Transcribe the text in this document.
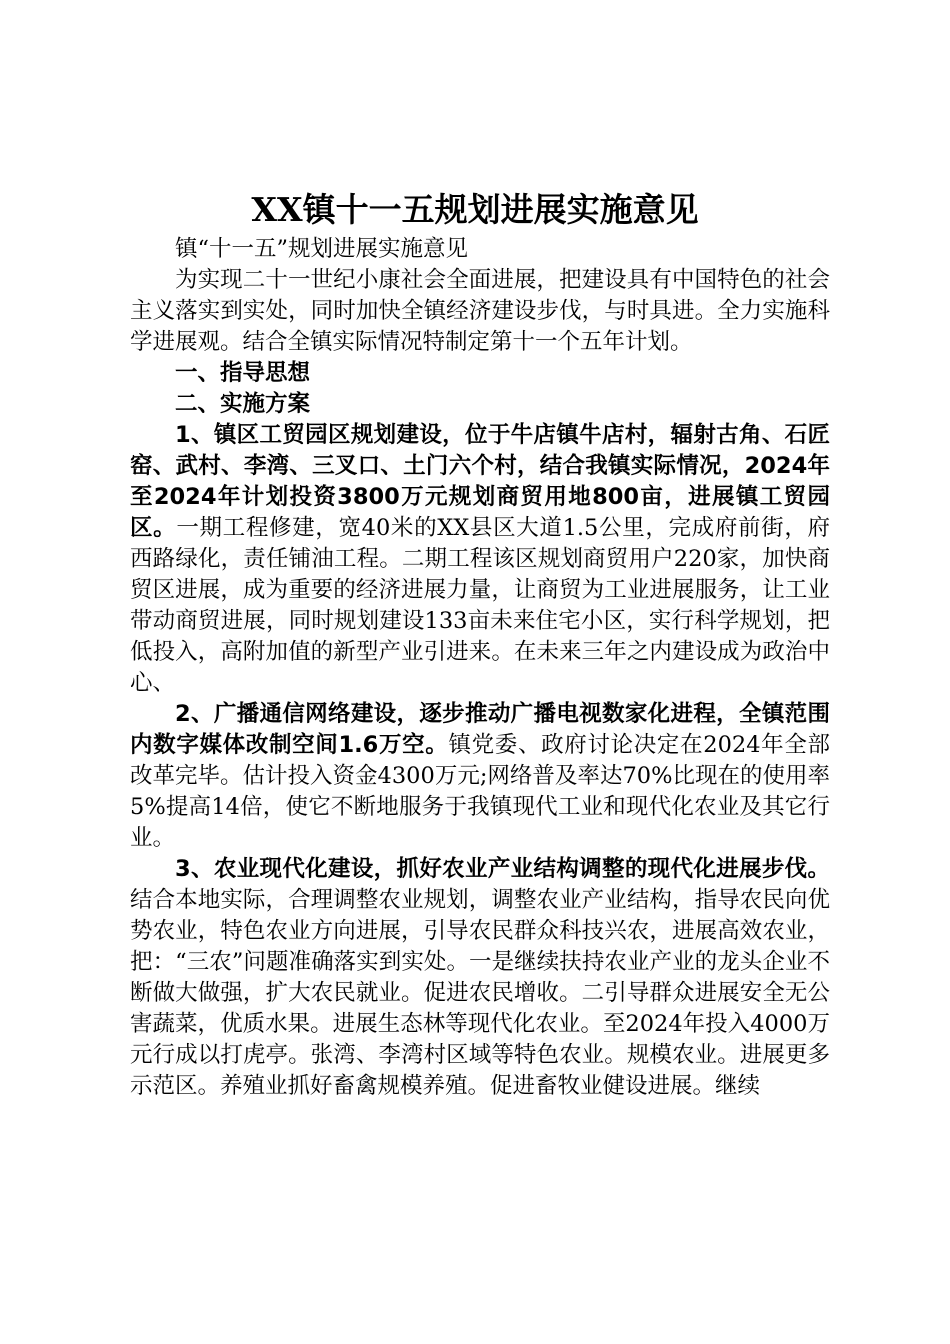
XX镇十一五规划进展实施意见

镇“十一五”规划进展实施意见

为实现二十一世纪小康社会全面进展，把建设具有中国特色的社会主义落实到实处，同时加快全镇经济建设步伐，与时具进。全力实施科学进展观。结合全镇实际情况特制定第十一个五年计划。

一、指导思想

二、实施方案

1、镇区工贸园区规划建设，位于牛店镇牛店村，辐射古角、石匠窑、武村、李湾、三叉口、土门六个村，结合我镇实际情况，2024年至2024年计划投资3800万元规划商贸用地800亩，进展镇工贸园区。一期工程修建，宽40米的XX县区大道1.5公里，完成府前街，府西路绿化，责任铺油工程。二期工程该区规划商贸用户220家，加快商贸区进展，成为重要的经济进展力量，让商贸为工业进展服务，让工业带动商贸进展，同时规划建设133亩未来住宅小区，实行科学规划，把低投入，高附加值的新型产业引进来。在未来三年之内建设成为政治中心、

2、广播通信网络建设，逐步推动广播电视数家化进程，全镇范围内数字媒体改制空间1.6万空。镇党委、政府讨论决定在2024年全部改革完毕。估计投入资金4300万元;网络普及率达70%比现在的使用率5%提高14倍，使它不断地服务于我镇现代工业和现代化农业及其它行业。

3、农业现代化建设，抓好农业产业结构调整的现代化进展步伐。结合本地实际，合理调整农业规划，调整农业产业结构，指导农民向优势农业，特色农业方向进展，引导农民群众科技兴农，进展高效农业，把：“三农”问题准确落实到实处。一是继续扶持农业产业的龙头企业不断做大做强，扩大农民就业。促进农民增收。二引导群众进展安全无公害蔬菜，优质水果。进展生态林等现代化农业。至2024年投入4000万元行成以打虎亭。张湾、李湾村区域等特色农业。规模农业。进展更多示范区。养殖业抓好畜禽规模养殖。促进畜牧业健设进展。继续
